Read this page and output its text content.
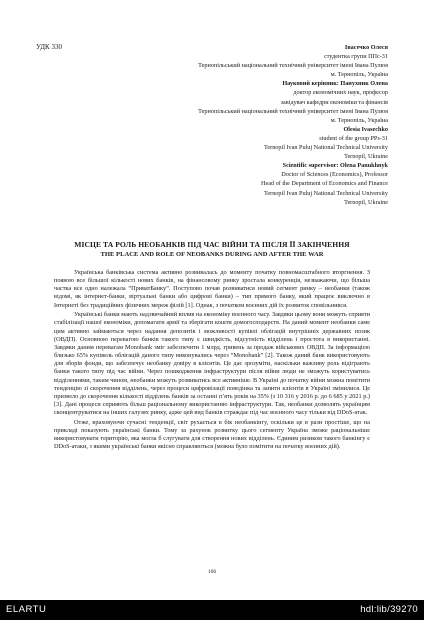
УДК 330	Івасечко Олеся
студентка групи ППс-31
Тернопільський національний технічний університет імені Івана Пулюя
м. Тернопіль, Україна
Науковий керівник: Панухник Олена
доктор економічних наук, професор
завідувач кафедри економіки та фінансів
Тернопільський національний технічний університет імені Івана Пулюя
м. Тернопіль, Україна
Olesia Ivasechko
student of the group PPs-31
Ternopil Ivan Puluj National Technical University
Ternopil, Ukraine
Scientific supervisor: Olena Panukhnyk
Doctor of Sciences (Economics), Professor
Head of the Department of Economics and Finance
Ternopil Ivan Puluj National Technical University
Ternopil, Ukraine
МІСЦЕ ТА РОЛЬ НЕОБАНКІВ ПІД ЧАС ВІЙНИ ТА ПІСЛЯ ЇЇ ЗАКІНЧЕННЯ
THE PLACE AND ROLE OF NEOBANKS DURING AND AFTER THE WAR

Українська банківська система активно розвивалась до моменту початку повномасштабного вторгнення. З появою все більшої кількості нових банків, на фінансовому ринку зростала конкуренція, незважаючи, що більша частка все одно належала “ПриватБанку”. Поступово почав розвиватися новий сегмент ринку – необанки (також відомі, як інтернет-банки, віртуальні банки або цифрові банки) – тип прямого банку, який працює виключно в Інтернеті без традиційних фізичних мереж філій [1]. Однак, з початком воєнних дій їх розвиток сповільнився.

Українські банки мають надзвичайний вплив на економіку воєнного часу. Завдяки цьому вони можуть сприяти стабілізації нашої економіки, допомагати армії та зберігати кошти домогосподарств. На даний момент необанки саме цим активно займаються через надання депозитів і можливості купівлі облігацій внутрішніх державних позик (ОВДП). Основною перевагою банків такого типу є швидкість, відсутність відділень і простота в використанні. Завдяки даним перевагам Monobank зміг забезпечити 1 млрд. гривень за продаж військових ОВДП. За інформацією близько 65% купівель облігацій даного типу виконувались через “Monobank” [2]. Також даний банк використовують для зборів фонди, що забезпечує необанку довіру в клієнтів. Це дає зрозуміти, наскільки важливу роль відіграють банки такого типу під час війни. Через пошкодження інфраструктури після війни люди не зможуть користуватись відділеннями, таким чином, необанки можуть розвиватись все активніше. В Україні до початку війни можна помітити тенденцію зі скорочення відділень, через процеси цифровізації поведінка та запити клієнтів в Україні змінилися. Це призвело до скорочення кількості відділень банків за останні п’ять років на 35% (з 10 316 у 2016 р. до 6 685 у 2021 р.) [3]. Дані процеси сприяють більш раціональному використанню інфраструктури. Так, необанки дозволять українцям сконцентруватися на інших галузях ринку, адже цей вид банків страждає під час воєнного часу тільки від DDoS-атак.

Отже, враховуючи сучасні тенденції, світ рухається в бік необанкінгу, оскільки це в рази простіше, що на прикладі показують українські банки. Тому за рахунок розвитку цього сегменту Україна зможе раціональніше використовувати територію, яка могла б слугувати для створення нових відділень. Єдиним ризиком такого банкінгу є DDoS-атаки, з якими українські банки якісно справляються (можна було помітити на початку воєнних дій).

106
ELARTU	hdl:lib/39270
